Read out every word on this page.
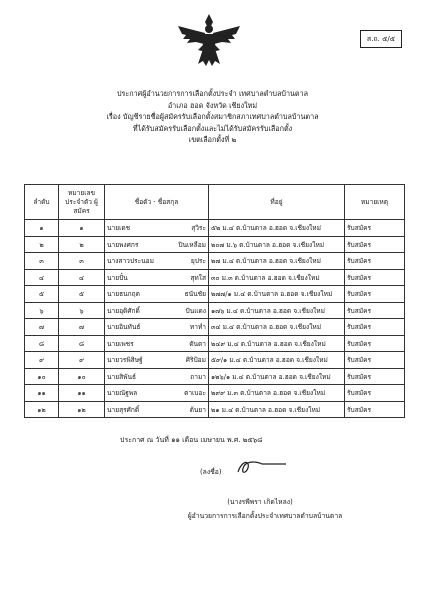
ส.ถ. ๕/๕
ประกาศผู้อำนวยการการเลือกตั้งประจำ เทศบาลตำบลบ้านตาล
อำเภอ ฮอด จังหวัด เชียงใหม่
เรื่อง บัญชีรายชื่อผู้สมัครรับเลือกตั้งสมาชิกสภาเทศบาลตำบลบ้านตาล
ที่ได้รับสมัครรับเลือกตั้งและไม่ได้รับสมัครรับเลือกตั้ง
เขตเลือกตั้งที่ ๒
ลำดับ	หมายเลข ประจำตัว ผู้สมัคร	ชื่อตัว - ชื่อสกุล	ที่อยู่	หมายเหตุ
๑	๑	นายเดช สุวิระ	๕๒ ม.๔ ต.บ้านตาล อ.ฮอด จ.เชียงใหม่	รับสมัคร
๒	๒	นายพงศกร ปินเหลือม	๒๐๗ ม.๖ ต.บ้านตาล อ.ฮอด จ.เชียงใหม่	รับสมัคร
๓	๓	นางสาวประนอม ยุประ	๒๗ ม.๔ ต.บ้านตาล อ.ฮอด จ.เชียงใหม่	รับสมัคร
๔	๔	นายปั๋น สุทใส	๓๐ ม.๓ ต.บ้านตาล อ.ฮอด จ.เชียงใหม่	รับสมัคร
๕	๕	นายธนกฤต ธนันชัย	๒๗๗/๑ ม.๔ ต.บ้านตาล อ.ฮอด จ.เชียงใหม่	รับสมัคร
๖	๖	นายอุดิศักดิ์ ปันแดง	๑๗๖ ม.๔ ต.บ้านตาล อ.ฮอด จ.เชียงใหม่	รับสมัคร
๗	๗	นายอินทันธ์ ทาทำ	๓๔ ม.๔ ต.บ้านตาล อ.ฮอด จ.เชียงใหม่	รับสมัคร
๘	๘	นายเพชร ตันตา	๒๔๙ ม.๔ ต.บ้านตาล อ.ฮอด จ.เชียงใหม่	รับสมัคร
๙	๙	นายวรพิสิษฐ์ ศิริป้อม	๕๙/๑ ม.๔ ต.บ้านตาล อ.ฮอด จ.เชียงใหม่	รับสมัคร
๑๐	๑๐	นายสิพันธ์ ถามา	๑๒๖/๑ ม.๔ ต.บ้านตาล อ.ฮอด จ.เชียงใหม่	รับสมัคร
๑๑	๑๑	นายณัฐพล ตาเบอะ	๒๙๙ ม.๓ ต.บ้านตาล อ.ฮอด จ.เชียงใหม่	รับสมัคร
๑๒	๑๒	นายสุรศักดิ์ ต้นยา	๒๑ ม.๔ ต.บ้านตาล อ.ฮอด จ.เชียงใหม่	รับสมัคร
ประกาศ ณ วันที่ ๑๑ เดือน เมษายน พ.ศ. ๒๕๖๘
(ลงชื่อ)
(นางรพีพรา เกิดไหลง)
ผู้อำนวยการการเลือกตั้งประจำเทศบาลตำบลบ้านตาล
